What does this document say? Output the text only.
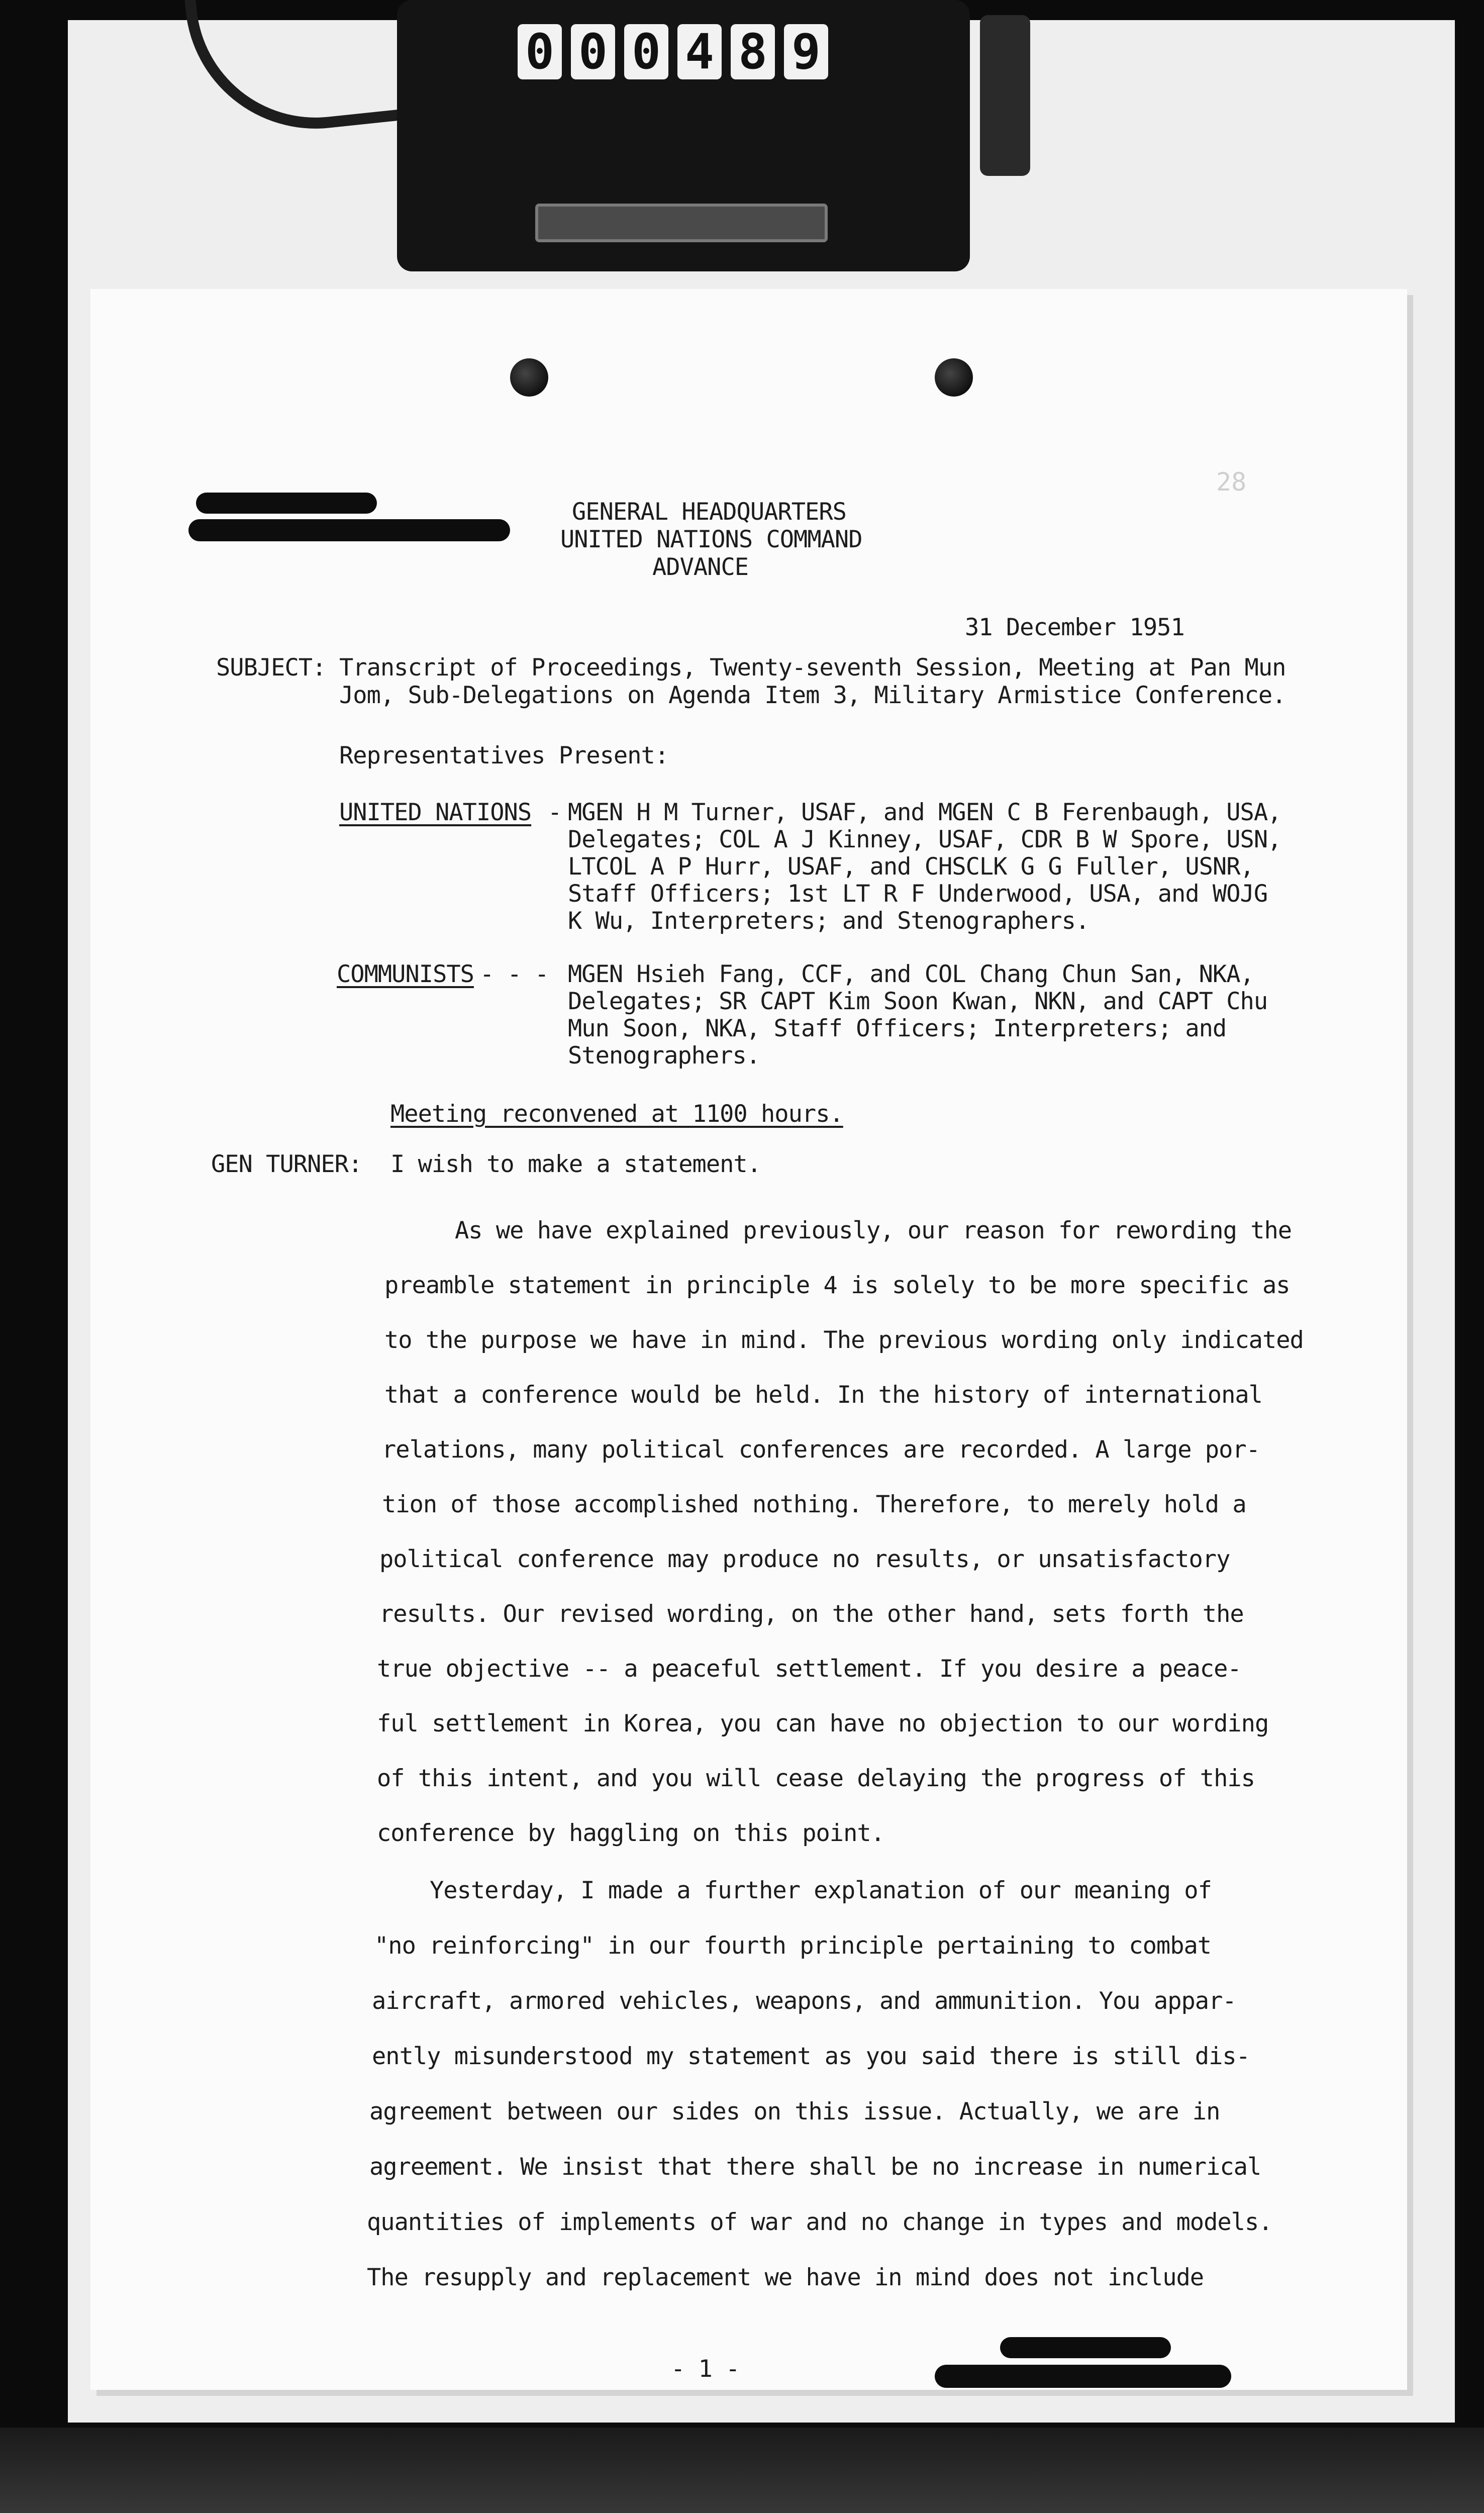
0 0 0 4 8 9
28
GENERAL HEADQUARTERS
UNITED NATIONS COMMAND
ADVANCE
31 December 1951
SUBJECT: Transcript of Proceedings, Twenty-seventh Session, Meeting at Pan Mun
Jom, Sub-Delegations on Agenda Item 3, Military Armistice Conference.
Representatives Present:
UNITED NATIONS - MGEN H M Turner, USAF, and MGEN C B Ferenbaugh, USA,
Delegates; COL A J Kinney, USAF, CDR B W Spore, USN,
LTCOL A P Hurr, USAF, and CHSCLK G G Fuller, USNR,
Staff Officers; 1st LT R F Underwood, USA, and WOJG
K Wu, Interpreters; and Stenographers.
COMMUNISTS - - - MGEN Hsieh Fang, CCF, and COL Chang Chun San, NKA,
Delegates; SR CAPT Kim Soon Kwan, NKN, and CAPT Chu
Mun Soon, NKA, Staff Officers; Interpreters; and
Stenographers.
Meeting reconvened at 1100 hours.
GEN TURNER: I wish to make a statement.
As we have explained previously, our reason for rewording the
preamble statement in principle 4 is solely to be more specific as
to the purpose we have in mind. The previous wording only indicated
that a conference would be held. In the history of international
relations, many political conferences are recorded. A large por-
tion of those accomplished nothing. Therefore, to merely hold a
political conference may produce no results, or unsatisfactory
results. Our revised wording, on the other hand, sets forth the
true objective -- a peaceful settlement. If you desire a peace-
ful settlement in Korea, you can have no objection to our wording
of this intent, and you will cease delaying the progress of this
conference by haggling on this point.
Yesterday, I made a further explanation of our meaning of
"no reinforcing" in our fourth principle pertaining to combat
aircraft, armored vehicles, weapons, and ammunition. You appar-
ently misunderstood my statement as you said there is still dis-
agreement between our sides on this issue. Actually, we are in
agreement. We insist that there shall be no increase in numerical
quantities of implements of war and no change in types and models.
The resupply and replacement we have in mind does not include
- 1 -
